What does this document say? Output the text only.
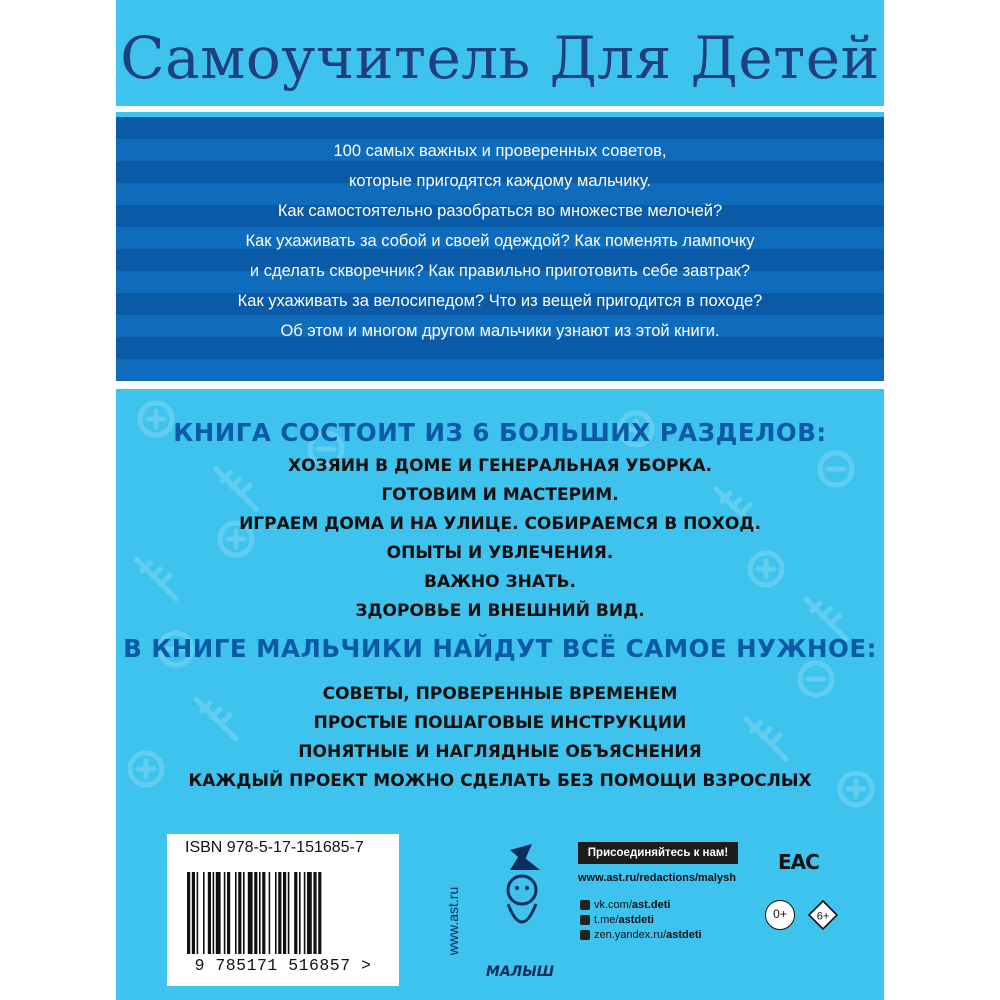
Самоучитель Для Детей
100 самых важных и проверенных советов,
которые пригодятся каждому мальчику.
Как самостоятельно разобраться во множестве мелочей?
Как ухаживать за собой и своей одеждой? Как поменять лампочку
и сделать скворечник? Как правильно приготовить себе завтрак?
Как ухаживать за велосипедом? Что из вещей пригодится в походе?
Об этом и многом другом мальчики узнают из этой книги.
КНИГА СОСТОИТ ИЗ 6 БОЛЬШИХ РАЗДЕЛОВ:
ХОЗЯИН В ДОМЕ И ГЕНЕРАЛЬНАЯ УБОРКА.
ГОТОВИМ И МАСТЕРИМ.
ИГРАЕМ ДОМА И НА УЛИЦЕ. СОБИРАЕМСЯ В ПОХОД.
ОПЫТЫ И УВЛЕЧЕНИЯ.
ВАЖНО ЗНАТЬ.
ЗДОРОВЬЕ И ВНЕШНИЙ ВИД.
В КНИГЕ МАЛЬЧИКИ НАЙДУТ ВСЁ САМОЕ НУЖНОЕ:
СОВЕТЫ, ПРОВЕРЕННЫЕ ВРЕМЕНЕМ
ПРОСТЫЕ ПОШАГОВЫЕ ИНСТРУКЦИИ
ПОНЯТНЫЕ И НАГЛЯДНЫЕ ОБЪЯСНЕНИЯ
КАЖДЫЙ ПРОЕКТ МОЖНО СДЕЛАТЬ БЕЗ ПОМОЩИ ВЗРОСЛЫХ
ISBN 978-5-17-151685-7
9 785171 516857 >
www.ast.ru
МАЛЫШ
Присоединяйтесь к нам!
www.ast.ru/redactions/malysh
vk.com/ast.deti
t.me/astdeti
zen.yandex.ru/astdeti
EAC
0+	6+
